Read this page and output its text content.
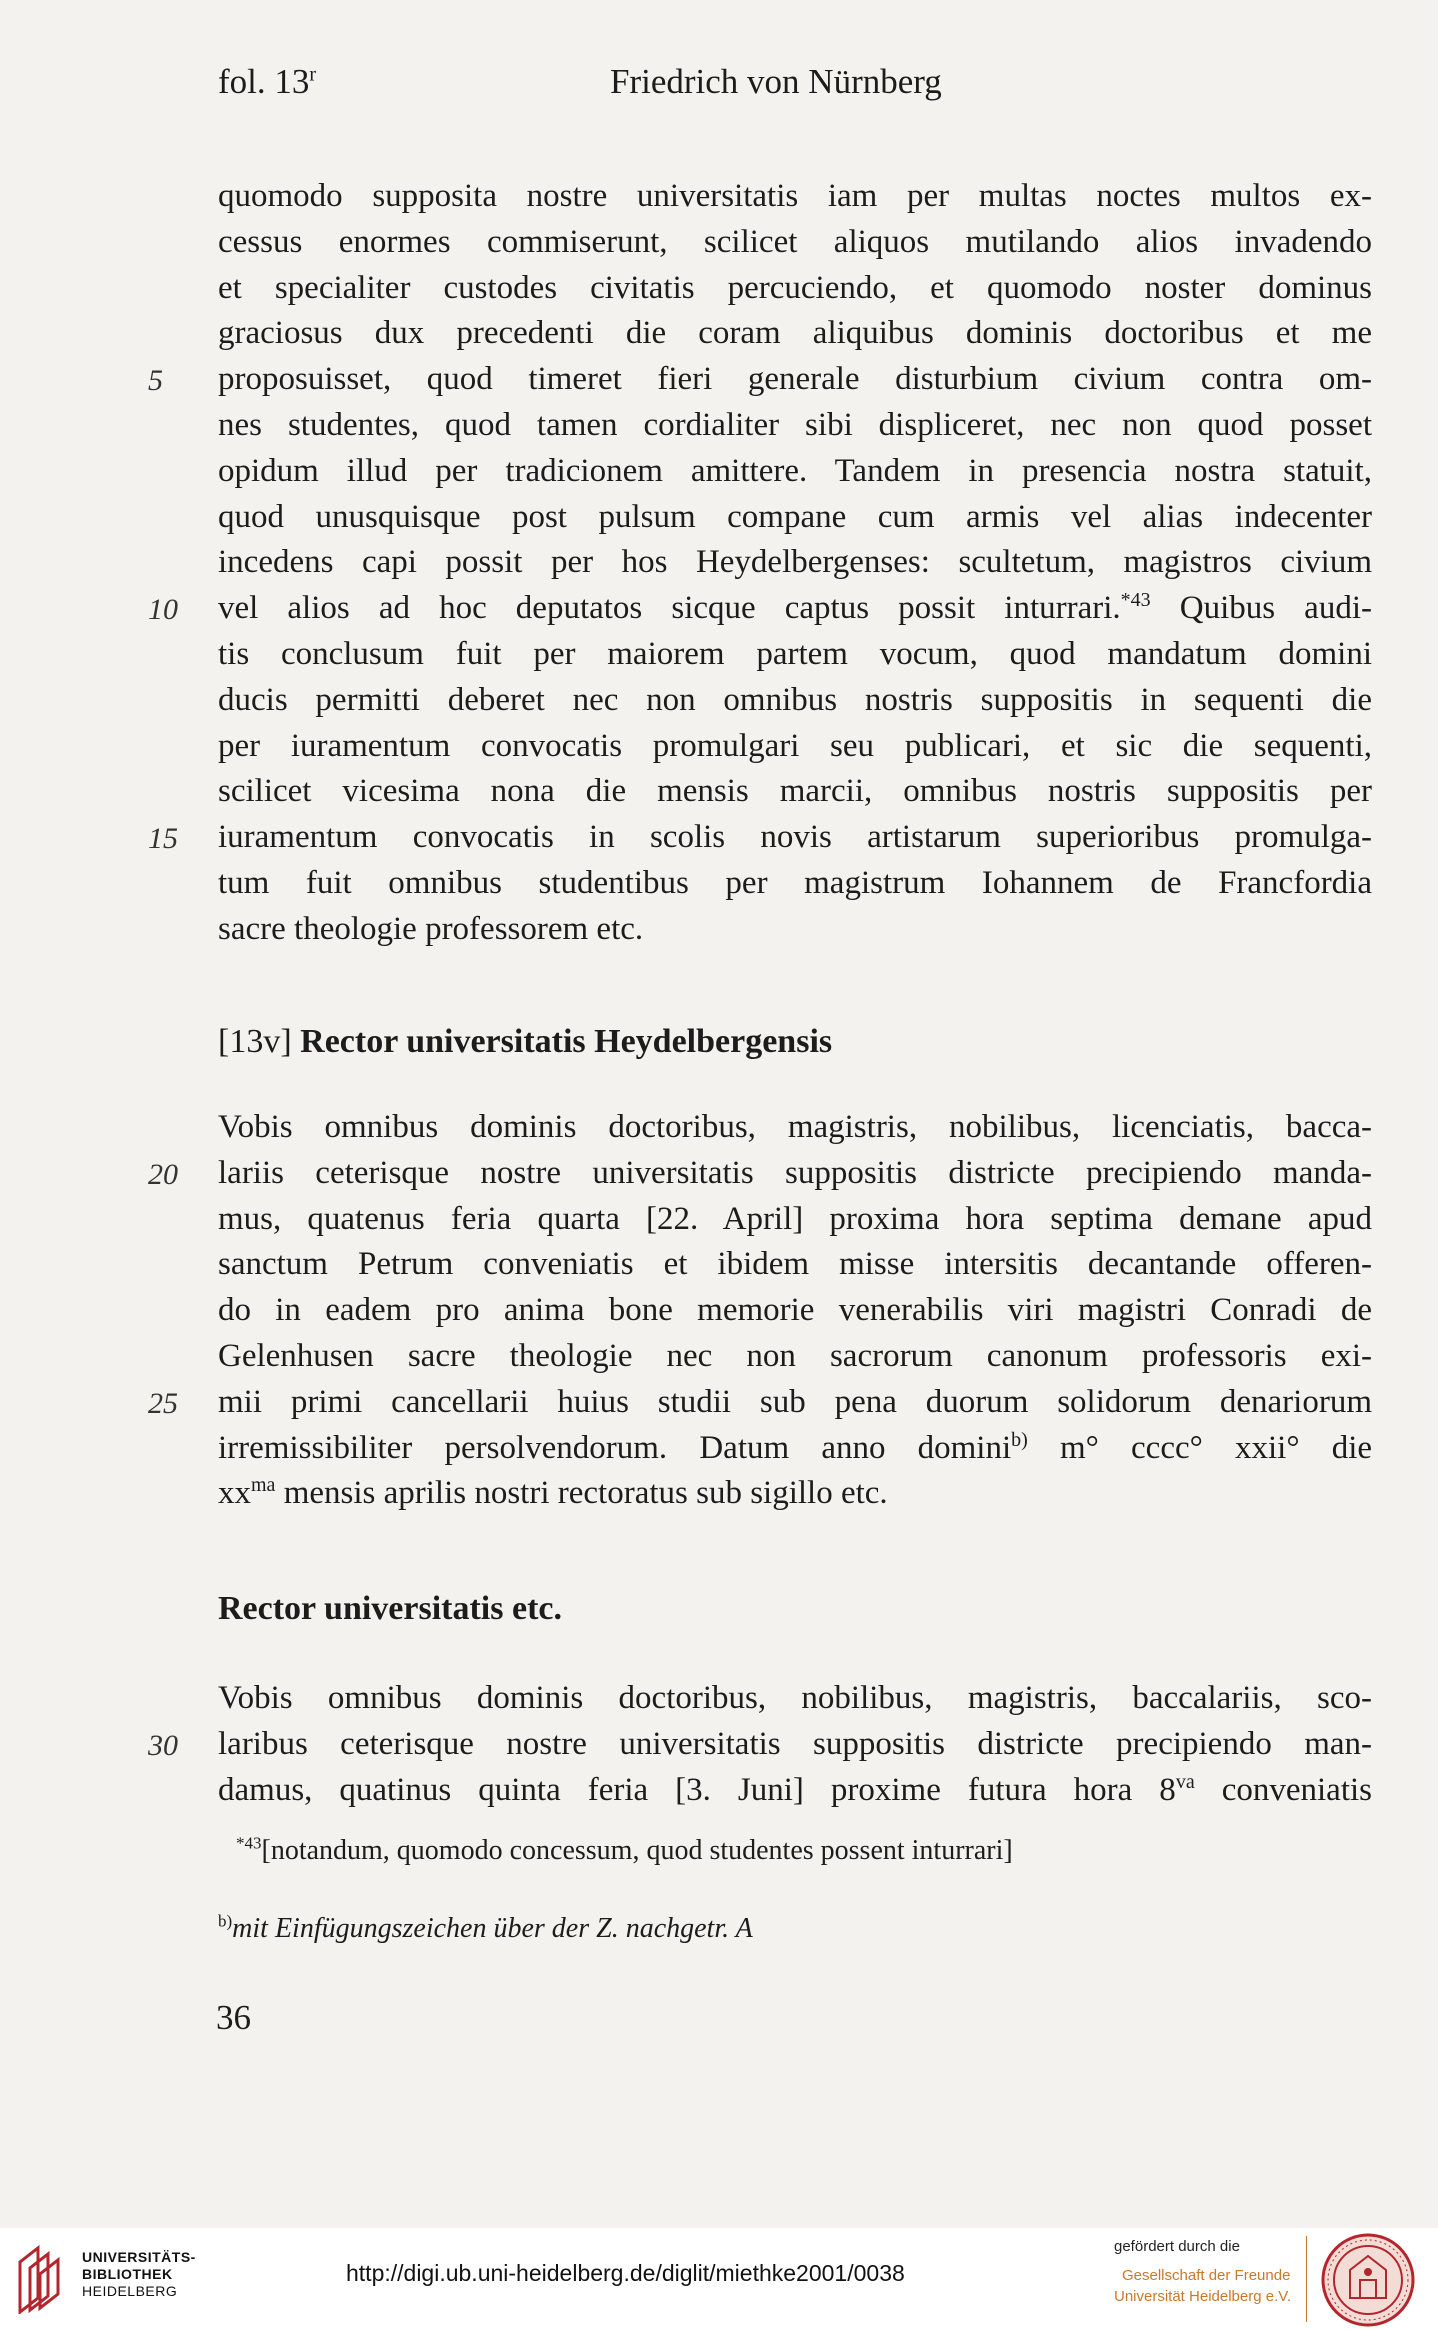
fol. 13$^r$	Friedrich von Nürnberg
quomodo supposita nostre universitatis iam per multas noctes multos ex-
cessus enormes commiserunt, scilicet aliquos mutilando alios invadendo
et specialiter custodes civitatis percuciendo, et quomodo noster dominus
graciosus dux precedenti die coram aliquibus dominis doctoribus et me
proposuisset, quod timeret fieri generale disturbium civium contra om-
5
nes studentes, quod tamen cordialiter sibi displiceret, nec non quod posset
opidum illud per tradicionem amittere. Tandem in presencia nostra statuit,
quod unusquisque post pulsum compane cum armis vel alias indecenter
incedens capi possit per hos Heydelbergenses: scultetum, magistros civium
vel alios ad hoc deputatos sicque captus possit inturrari.$^{*43}$ Quibus audi-
10
tis conclusum fuit per maiorem partem vocum, quod mandatum domini
ducis permitti deberet nec non omnibus nostris suppositis in sequenti die
per iuramentum convocatis promulgari seu publicari, et sic die sequenti,
scilicet vicesima nona die mensis marcii, omnibus nostris suppositis per
iuramentum convocatis in scolis novis artistarum superioribus promulga-
15
tum fuit omnibus studentibus per magistrum Iohannem de Francfordia
sacre theologie professorem etc.
[13v] Rector universitatis Heydelbergensis
Vobis omnibus dominis doctoribus, magistris, nobilibus, licenciatis, bacca-
lariis ceterisque nostre universitatis suppositis districte precipiendo manda-
20
mus, quatenus feria quarta [22. April] proxima hora septima demane apud
sanctum Petrum conveniatis et ibidem misse intersitis decantande offeren-
do in eadem pro anima bone memorie venerabilis viri magistri Conradi de
Gelenhusen sacre theologie nec non sacrorum canonum professoris exi-
mii primi cancellarii huius studii sub pena duorum solidorum denariorum
25
irremissibiliter persolvendorum. Datum anno domini$^{b)}$ m° cccc° xxii° die
$xx^{ma}$ mensis aprilis nostri rectoratus sub sigillo etc.
Rector universitatis etc.
Vobis omnibus dominis doctoribus, nobilibus, magistris, baccalariis, sco-
laribus ceterisque nostre universitatis suppositis districte precipiendo man-
30
damus, quatinus quinta feria [3. Juni] proxime futura hora $8^{va}$ conveniatis
$^{*43}$[notandum, quomodo concessum, quod studentes possent inturrari]
$^{b)}$mit Einfügungszeichen über der Z. nachgetr. A
36
UNIVERSITÄTS-
BIBLIOTHEK
HEIDELBERG
http://digi.ub.uni-heidelberg.de/diglit/miethke2001/0038
gefördert durch die
Gesellschaft der Freunde
Universität Heidelberg e.V.
